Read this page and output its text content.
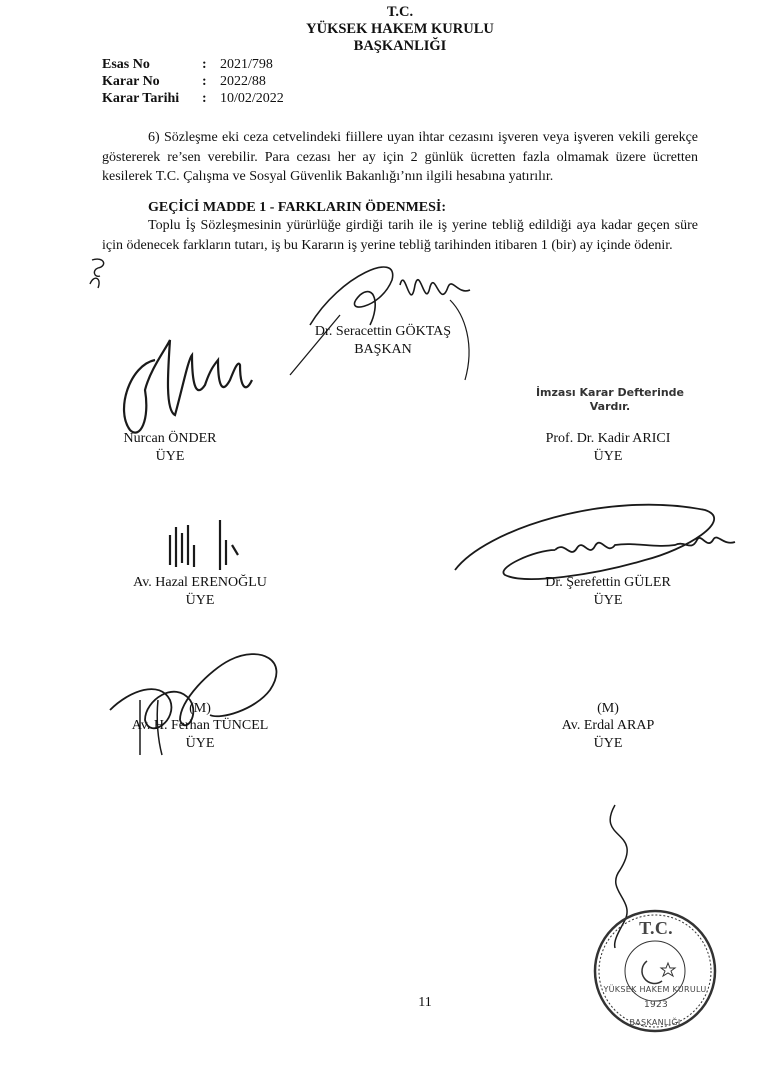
T.C.
YÜKSEK HAKEM KURULU
BAŞKANLIĞI
Esas No	: 2021/798
Karar No	: 2022/88
Karar Tarihi : 10/02/2022
6) Sözleşme eki ceza cetvelindeki fiillere uyan ihtar cezasını işveren veya işveren vekili gerekçe göstererek re’sen verebilir. Para cezası her ay için 2 günlük ücretten fazla olmamak üzere ücretten kesilerek T.C. Çalışma ve Sosyal Güvenlik Bakanlığı’nın ilgili hesabına yatırılır.
GEÇİCİ MADDE 1 - FARKLARIN ÖDENMESİ:
Toplu İş Sözleşmesinin yürürlüğe girdiği tarih ile iş yerine tebliğ edildiği aya kadar geçen süre için ödenecek farkların tutarı, iş bu Kararın iş yerine tebliğ tarihinden itibaren 1 (bir) ay içinde ödenir.
Dr. Seracettin GÖKTAŞ
BAŞKAN
Nurcan ÖNDER
ÜYE
İmzası Karar Defterinde Vardır.
Prof. Dr. Kadir ARICI
ÜYE
Av. Hazal ERENOĞLU
ÜYE
Dr. Şerefettin GÜLER
ÜYE
(M)
Av. H. Ferhan TÜNCEL
ÜYE
(M)
Av. Erdal ARAP
ÜYE
T.C.
1923
YÜKSEK HAKEM KURULU
BAŞKANLIĞI
11
